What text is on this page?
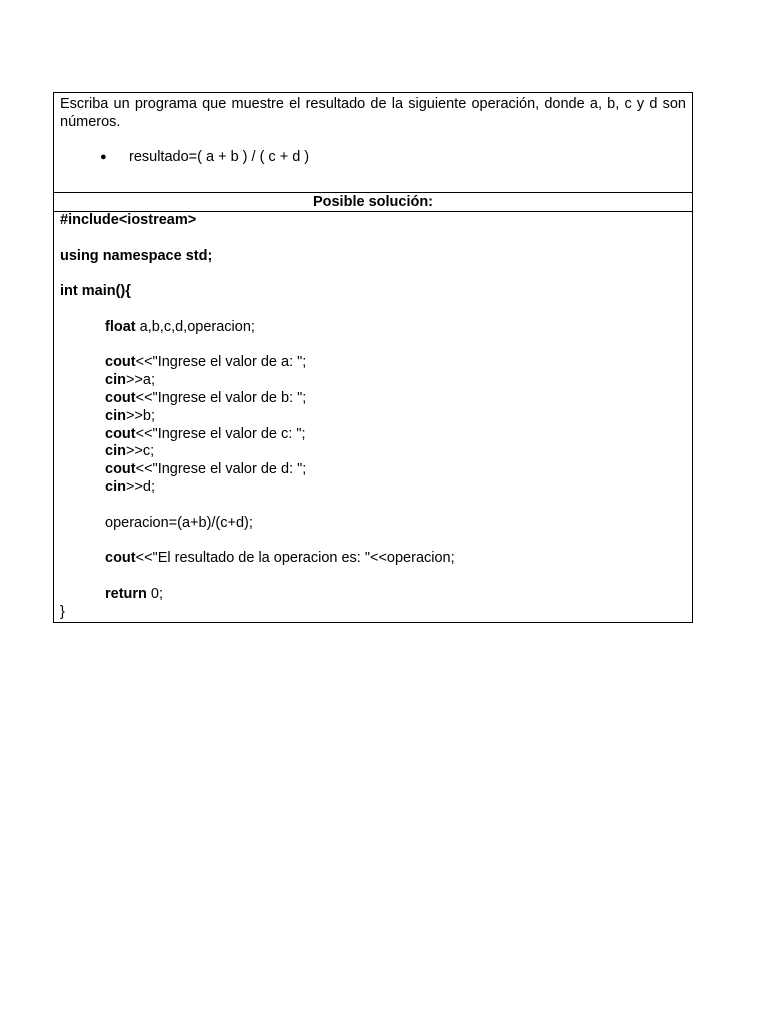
Escriba un programa que muestre el resultado de la siguiente operación, donde a, b, c y d son números.

●	resultado=( a + b ) / ( c + d )
Posible solución:
#include<iostream>
using namespace std;
int main(){
float a,b,c,d,operacion;
cout<<"Ingrese el valor de a: ";
cin>>a;
cout<<"Ingrese el valor de b: ";
cin>>b;
cout<<"Ingrese el valor de c: ";
cin>>c;
cout<<"Ingrese el valor de d: ";
cin>>d;
operacion=(a+b)/(c+d);
cout<<"El resultado de la operacion es: "<<operacion;
return 0;
}
